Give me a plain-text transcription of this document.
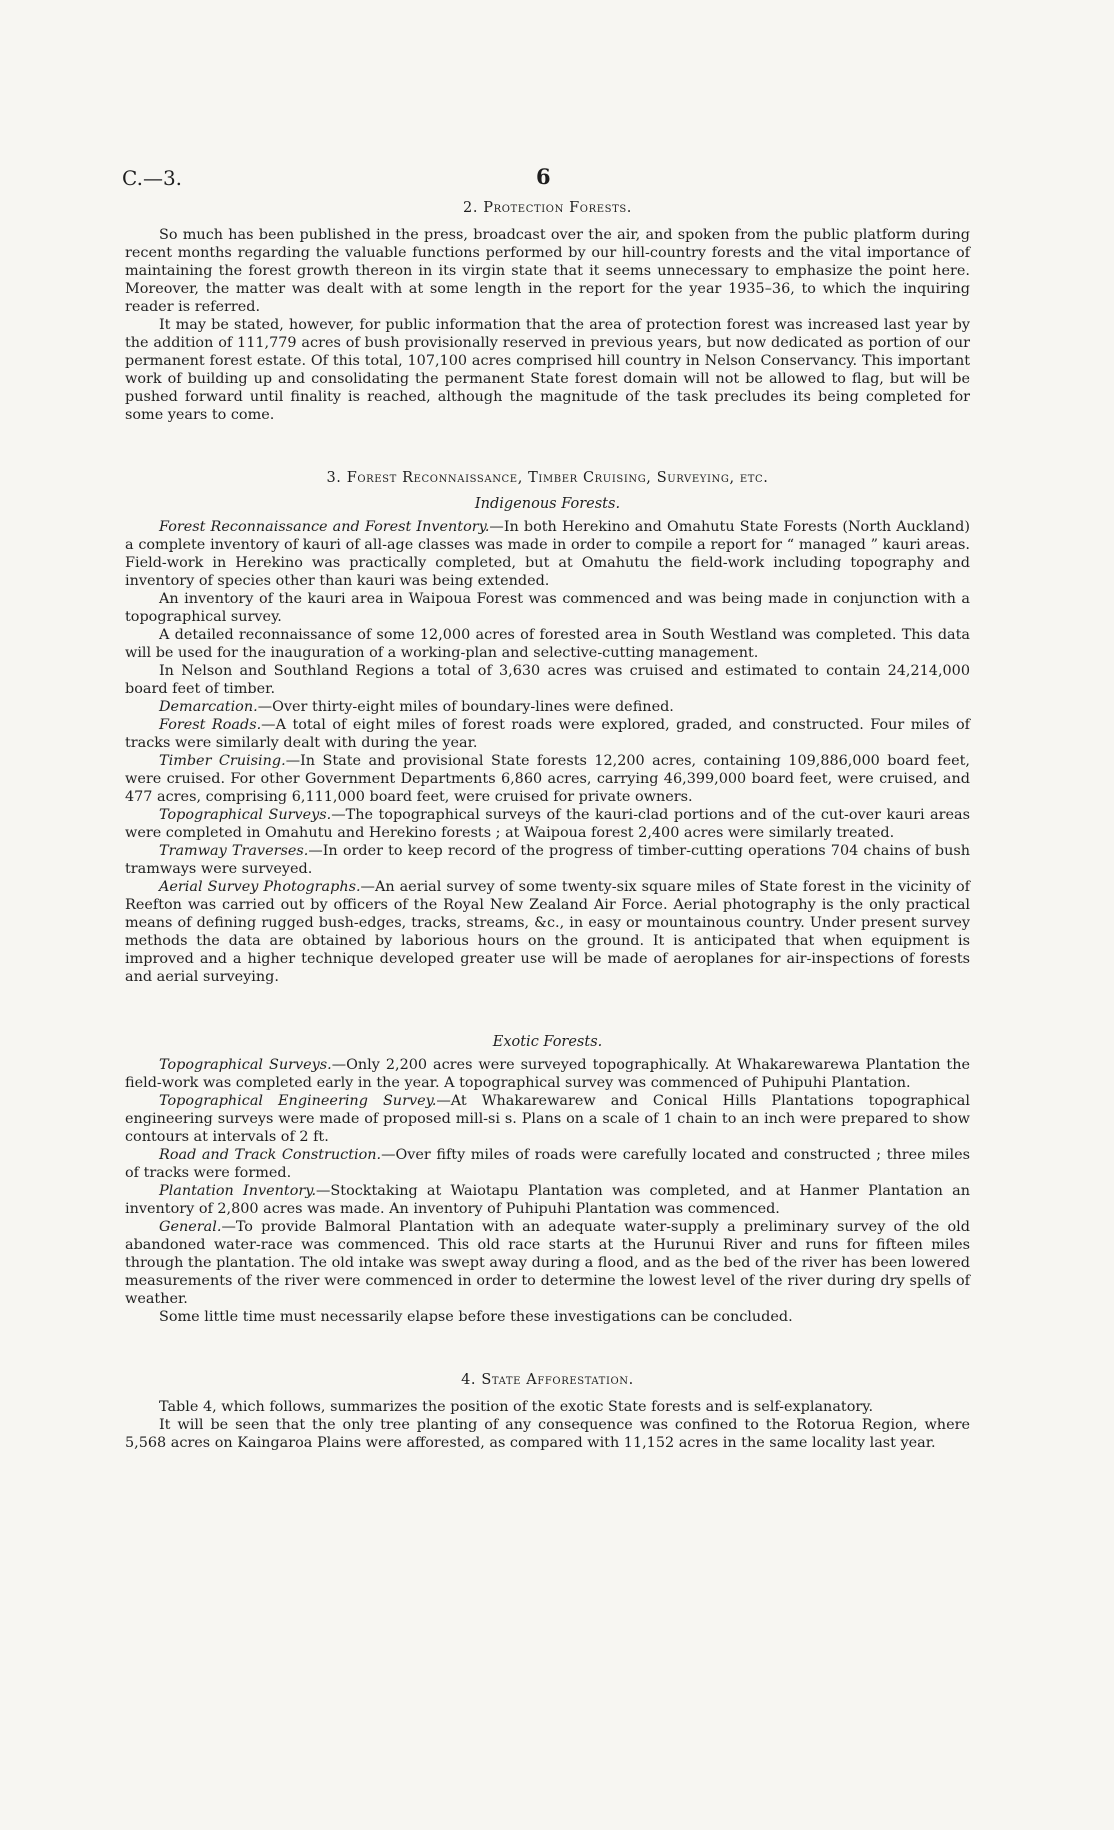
C.—3.	6
2. Protection Forests.

So much has been published in the press, broadcast over the air, and spoken from the public platform during recent months regarding the valuable functions performed by our hill-country forests and the vital importance of maintaining the forest growth thereon in its virgin state that it seems unnecessary to emphasize the point here. Moreover, the matter was dealt with at some length in the report for the year 1935–36, to which the inquiring reader is referred.

It may be stated, however, for public information that the area of protection forest was increased last year by the addition of 111,779 acres of bush provisionally reserved in previous years, but now dedicated as portion of our permanent forest estate. Of this total, 107,100 acres comprised hill country in Nelson Conservancy. This important work of building up and consolidating the permanent State forest domain will not be allowed to flag, but will be pushed forward until finality is reached, although the magnitude of the task precludes its being completed for some years to come.

3. Forest Reconnaissance, Timber Cruising, Surveying, etc.
Indigenous Forests.

Forest Reconnaissance and Forest Inventory.—In both Herekino and Omahutu State Forests (North Auckland) a complete inventory of kauri of all-age classes was made in order to compile a report for “ managed ” kauri areas. Field-work in Herekino was practically completed, but at Omahutu the field-work including topography and inventory of species other than kauri was being extended.

An inventory of the kauri area in Waipoua Forest was commenced and was being made in conjunction with a topographical survey.

A detailed reconnaissance of some 12,000 acres of forested area in South Westland was completed. This data will be used for the inauguration of a working-plan and selective-cutting management.

In Nelson and Southland Regions a total of 3,630 acres was cruised and estimated to contain 24,214,000 board feet of timber.

Demarcation.—Over thirty-eight miles of boundary-lines were defined.

Forest Roads.—A total of eight miles of forest roads were explored, graded, and constructed. Four miles of tracks were similarly dealt with during the year.

Timber Cruising.—In State and provisional State forests 12,200 acres, containing 109,886,000 board feet, were cruised. For other Government Departments 6,860 acres, carrying 46,399,000 board feet, were cruised, and 477 acres, comprising 6,111,000 board feet, were cruised for private owners.

Topographical Surveys.—The topographical surveys of the kauri-clad portions and of the cut-over kauri areas were completed in Omahutu and Herekino forests ; at Waipoua forest 2,400 acres were similarly treated.

Tramway Traverses.—In order to keep record of the progress of timber-cutting operations 704 chains of bush tramways were surveyed.

Aerial Survey Photographs.—An aerial survey of some twenty-six square miles of State forest in the vicinity of Reefton was carried out by officers of the Royal New Zealand Air Force. Aerial photography is the only practical means of defining rugged bush-edges, tracks, streams, &c., in easy or mountainous country. Under present survey methods the data are obtained by laborious hours on the ground. It is anticipated that when equipment is improved and a higher technique developed greater use will be made of aeroplanes for air-inspections of forests and aerial surveying.

Exotic Forests.

Topographical Surveys.—Only 2,200 acres were surveyed topographically. At Whakarewarewa Plantation the field-work was completed early in the year. A topographical survey was commenced of Puhipuhi Plantation.

Topographical Engineering Survey.—At Whakarewarew and Conical Hills Plantations topographical engineering surveys were made of proposed mill-si s. Plans on a scale of 1 chain to an inch were prepared to show contours at intervals of 2 ft.

Road and Track Construction.—Over fifty miles of roads were carefully located and constructed ; three miles of tracks were formed.

Plantation Inventory.—Stocktaking at Waiotapu Plantation was completed, and at Hanmer Plantation an inventory of 2,800 acres was made. An inventory of Puhipuhi Plantation was commenced.

General.—To provide Balmoral Plantation with an adequate water-supply a preliminary survey of the old abandoned water-race was commenced. This old race starts at the Hurunui River and runs for fifteen miles through the plantation. The old intake was swept away during a flood, and as the bed of the river has been lowered measurements of the river were commenced in order to determine the lowest level of the river during dry spells of weather.

Some little time must necessarily elapse before these investigations can be concluded.

4. State Afforestation.

Table 4, which follows, summarizes the position of the exotic State forests and is self-explanatory.

It will be seen that the only tree planting of any consequence was confined to the Rotorua Region, where 5,568 acres on Kaingaroa Plains were afforested, as compared with 11,152 acres in the same locality last year.
